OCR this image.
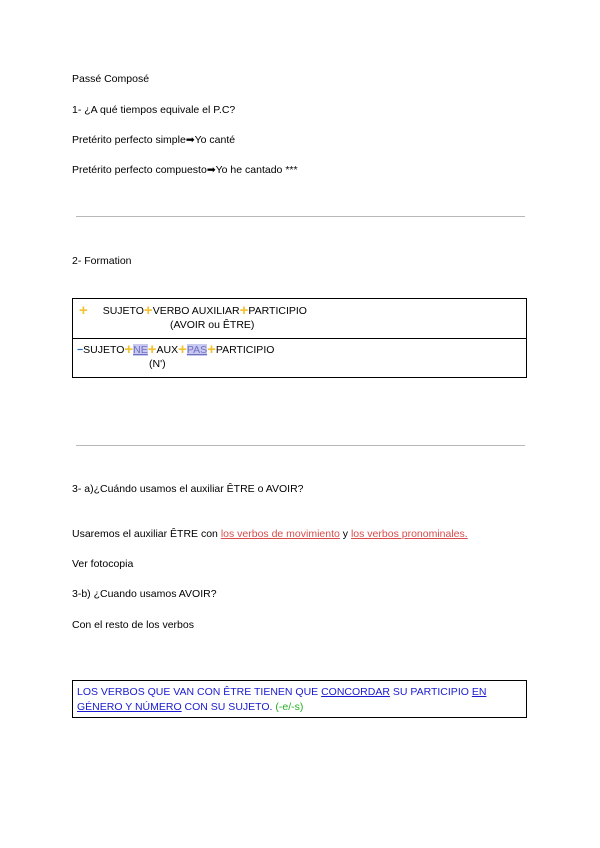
Passé Composé
1- ¿A qué tiempos equivale el P.C?
Pretérito perfecto simple➡Yo canté
Pretérito perfecto compuesto➡Yo he cantado ***
2- Formation
+ SUJETO+VERBO AUXILIAR+PARTICIPIO
(AVOIR ou ÊTRE)
−SUJETO+NE+AUX+PAS+PARTICIPIO
(N')
3- a)¿Cuándo usamos el auxiliar ÊTRE o AVOIR?
Usaremos el auxiliar ÊTRE con los verbos de movimiento y los verbos pronominales.
Ver fotocopia
3-b) ¿Cuando usamos AVOIR?
Con el resto de los verbos
LOS VERBOS QUE VAN CON ÊTRE TIENEN QUE CONCORDAR SU PARTICIPIO EN
GÉNERO Y NÚMERO CON SU SUJETO. (-e/-s)
